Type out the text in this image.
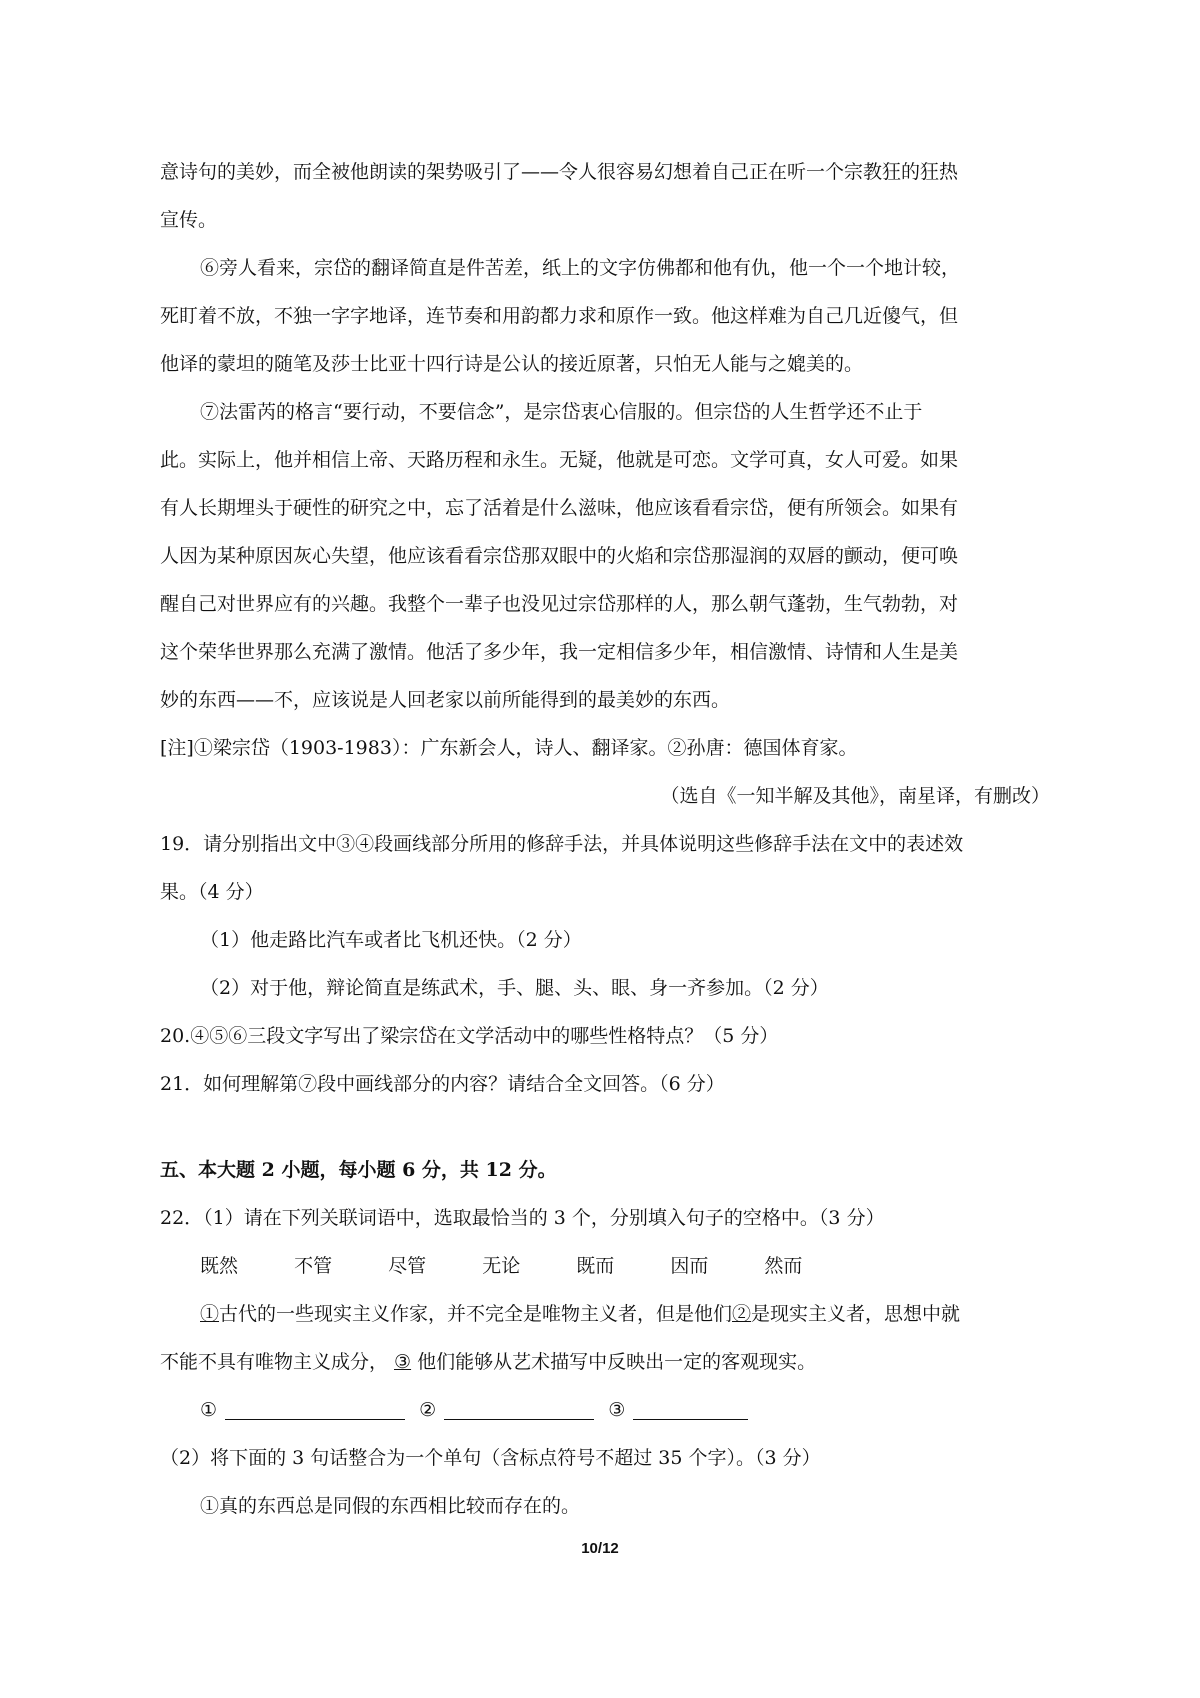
意诗句的美妙，而全被他朗读的架势吸引了——令人很容易幻想着自己正在听一个宗教狂的狂热
宣传。
⑥旁人看来，宗岱的翻译简直是件苦差，纸上的文字仿佛都和他有仇，他一个一个地计较，
死盯着不放，不独一字字地译，连节奏和用韵都力求和原作一致。他这样难为自己几近傻气，但
他译的蒙坦的随笔及莎士比亚十四行诗是公认的接近原著，只怕无人能与之媲美的。
⑦法雷芮的格言“要行动，不要信念”，是宗岱衷心信服的。但宗岱的人生哲学还不止于
此。实际上，他并相信上帝、天路历程和永生。无疑，他就是可恋。文学可真，女人可爱。如果
有人长期埋头于硬性的研究之中，忘了活着是什么滋味，他应该看看宗岱，便有所领会。如果有
人因为某种原因灰心失望，他应该看看宗岱那双眼中的火焰和宗岱那湿润的双唇的颤动，便可唤
醒自己对世界应有的兴趣。我整个一辈子也没见过宗岱那样的人，那么朝气蓬勃，生气勃勃，对
这个荣华世界那么充满了激情。他活了多少年，我一定相信多少年，相信激情、诗情和人生是美
妙的东西——不，应该说是人回老家以前所能得到的最美妙的东西。
[注]①梁宗岱（1903-1983）：广东新会人，诗人、翻译家。②孙唐：德国体育家。
（选自《一知半解及其他》，南星译，有删改）
19．请分别指出文中③④段画线部分所用的修辞手法，并具体说明这些修辞手法在文中的表述效
果。（4 分）
（1）他走路比汽车或者比飞机还快。（2 分）
（2）对于他，辩论简直是练武术，手、腿、头、眼、身一齐参加。（2 分）
20.④⑤⑥三段文字写出了梁宗岱在文学活动中的哪些性格特点？（5 分）
21．如何理解第⑦段中画线部分的内容？请结合全文回答。（6 分）
五、本大题 2 小题，每小题 6 分，共 12 分。
22．（1）请在下列关联词语中，选取最恰当的 3 个，分别填入句子的空格中。（3 分）
既然	不管	尽管	无论	既而	因而	然而
①古代的一些现实主义作家，并不完全是唯物主义者，但是他们②是现实主义者，思想中就
不能不具有唯物主义成分， ③ 他们能够从艺术描写中反映出一定的客观现实。
①	②	③
（2）将下面的 3 句话整合为一个单句（含标点符号不超过 35 个字）。（3 分）
①真的东西总是同假的东西相比较而存在的。
10/12
